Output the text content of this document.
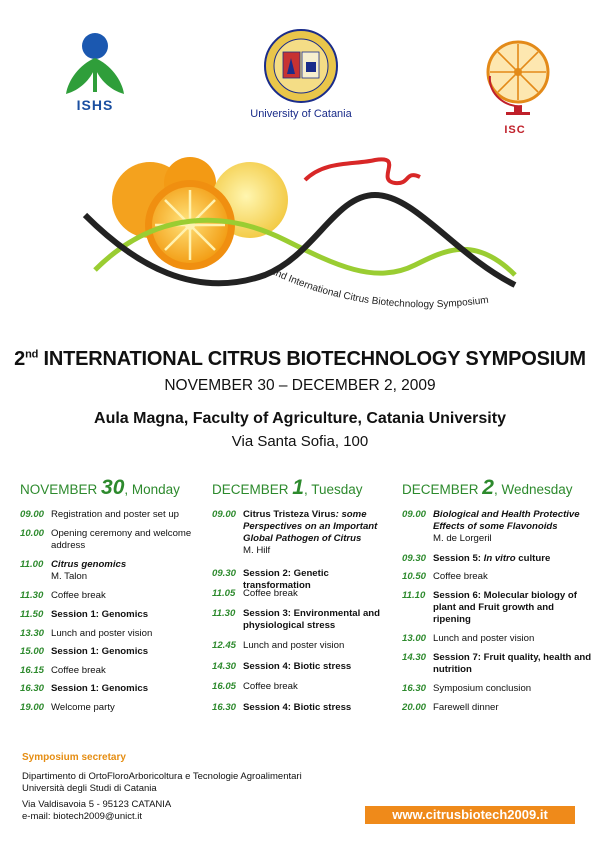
ISHS
University of Catania
ISC
2nd International Citrus Biotechnology Symposium
2nd INTERNATIONAL CITRUS BIOTECHNOLOGY SYMPOSIUM
NOVEMBER 30 – DECEMBER 2, 2009
Aula Magna, Faculty of Agriculture, Catania University
Via Santa Sofia, 100
NOVEMBER 30, Monday
09.00 Registration and poster set up
10.00 Opening ceremony and welcome address
11.00 Citrus genomics
M. Talon
11.30 Coffee break
11.50 Session 1: Genomics
13.30 Lunch and poster vision
15.00 Session 1: Genomics
16.15 Coffee break
16.30 Session 1: Genomics
19.00 Welcome party
DECEMBER 1, Tuesday
09.00 Citrus Tristeza Virus: some Perspectives on an Important Global Pathogen of Citrus
M. Hilf
09.30 Session 2: Genetic transformation
11.05 Coffee break
11.30 Session 3: Environmental and physiological stress
12.45 Lunch and poster vision
14.30 Session 4: Biotic stress
16.05 Coffee break
16.30 Session 4: Biotic stress
DECEMBER 2, Wednesday
09.00 Biological and Health Protective Effects of some Flavonoids
M. de Lorgeril
09.30 Session 5: In vitro culture
10.50 Coffee break
11.10 Session 6: Molecular biology of plant and Fruit growth and ripening
13.00 Lunch and poster vision
14.30 Session 7: Fruit quality, health and nutrition
16.30 Symposium conclusion
20.00 Farewell dinner
Symposium secretary
Dipartimento di OrtoFloroArboricoltura e Tecnologie Agroalimentari
Università degli Studi di Catania
Via Valdisavoia 5 - 95123 CATANIA
e-mail: biotech2009@unict.it	www.citrusbiotech2009.it
